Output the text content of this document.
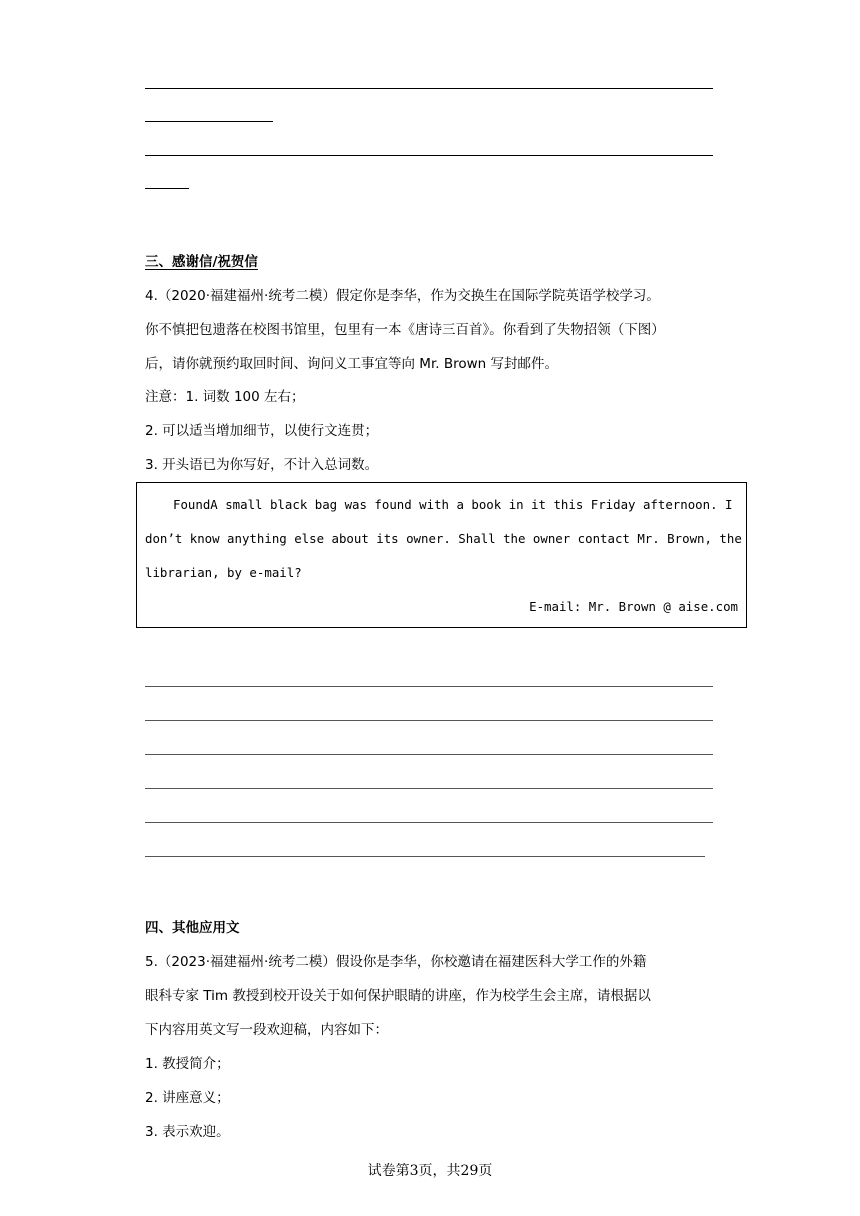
三、感谢信/祝贺信
4.（2020·福建福州·统考二模）假定你是李华，作为交换生在国际学院英语学校学习。
你不慎把包遗落在校图书馆里，包里有一本《唐诗三百首》。你看到了失物招领（下图）
后，请你就预约取回时间、询问义工事宜等向 Mr. Brown 写封邮件。
注意：1. 词数 100 左右；
2. 可以适当增加细节，以使行文连贯；
3. 开头语已为你写好，不计入总词数。
FoundA small black bag was found with a book in it this Friday afternoon. I
don’t know anything else about its owner. Shall the owner contact Mr. Brown, the
librarian, by e-mail?
E-mail: Mr. Brown @ aise.com
四、其他应用文
5.（2023·福建福州·统考二模）假设你是李华，你校邀请在福建医科大学工作的外籍
眼科专家 Tim 教授到校开设关于如何保护眼睛的讲座，作为校学生会主席，请根据以
下内容用英文写一段欢迎稿，内容如下：
1. 教授简介；
2. 讲座意义；
3. 表示欢迎。
试卷第3页，共29页
